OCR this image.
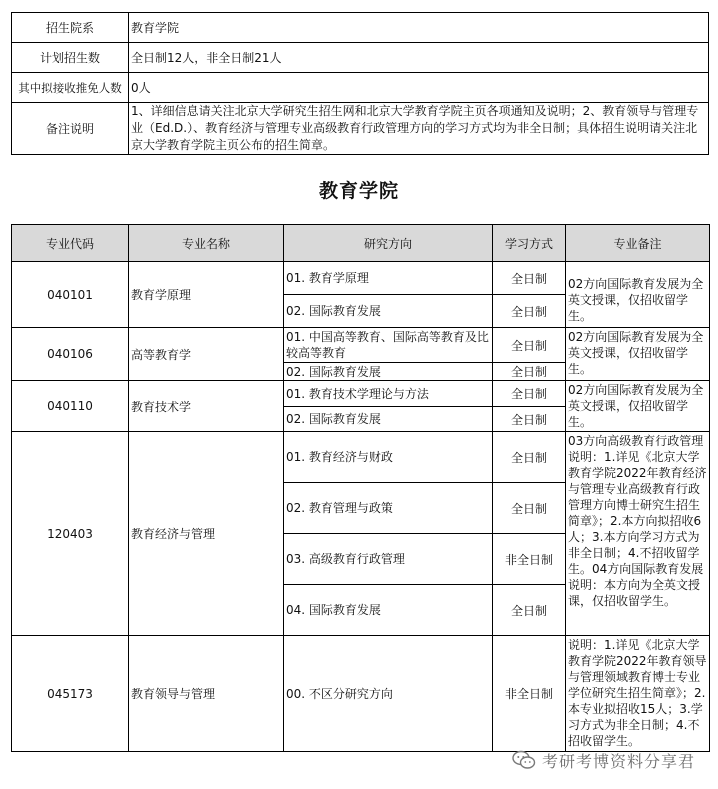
招生院系	教育学院
计划招生数	全日制12人，非全日制21人
其中拟接收推免人数	0人
备注说明	1、详细信息请关注北京大学研究生招生网和北京大学教育学院主页各项通知及说明；2、教育领导与管理专业（Ed.D.）、教育经济与管理专业高级教育行政管理方向的学习方式均为非全日制；具体招生说明请关注北京大学教育学院主页公布的招生简章。
教育学院
专业代码	专业名称	研究方向	学习方式	专业备注
040101	教育学原理	01. 教育学原理	全日制	02方向国际教育发展为全英文授课，仅招收留学生。
		02. 国际教育发展	全日制	
040106	高等教育学	01. 中国高等教育、国际高等教育及比较高等教育	全日制	02方向国际教育发展为全英文授课，仅招收留学生。
		02. 国际教育发展	全日制	
040110	教育技术学	01. 教育技术学理论与方法	全日制	02方向国际教育发展为全英文授课，仅招收留学生。
		02. 国际教育发展	全日制	
120403	教育经济与管理	01. 教育经济与财政	全日制	03方向高级教育行政管理说明：1.详见《北京大学教育学院2022年教育经济与管理专业高级教育行政管理方向博士研究生招生简章》；2.本方向拟招收6人；3.本方向学习方式为非全日制；4.不招收留学生。04方向国际教育发展说明：本方向为全英文授课，仅招收留学生。
		02. 教育管理与政策	全日制	
		03. 高级教育行政管理	非全日制	
		04. 国际教育发展	全日制	
045173	教育领导与管理	00. 不区分研究方向	非全日制	说明：1.详见《北京大学教育学院2022年教育领导与管理领域教育博士专业学位研究生招生简章》；2.本专业拟招收15人；3.学习方式为非全日制；4.不招收留学生。
考研考博资料分享君
